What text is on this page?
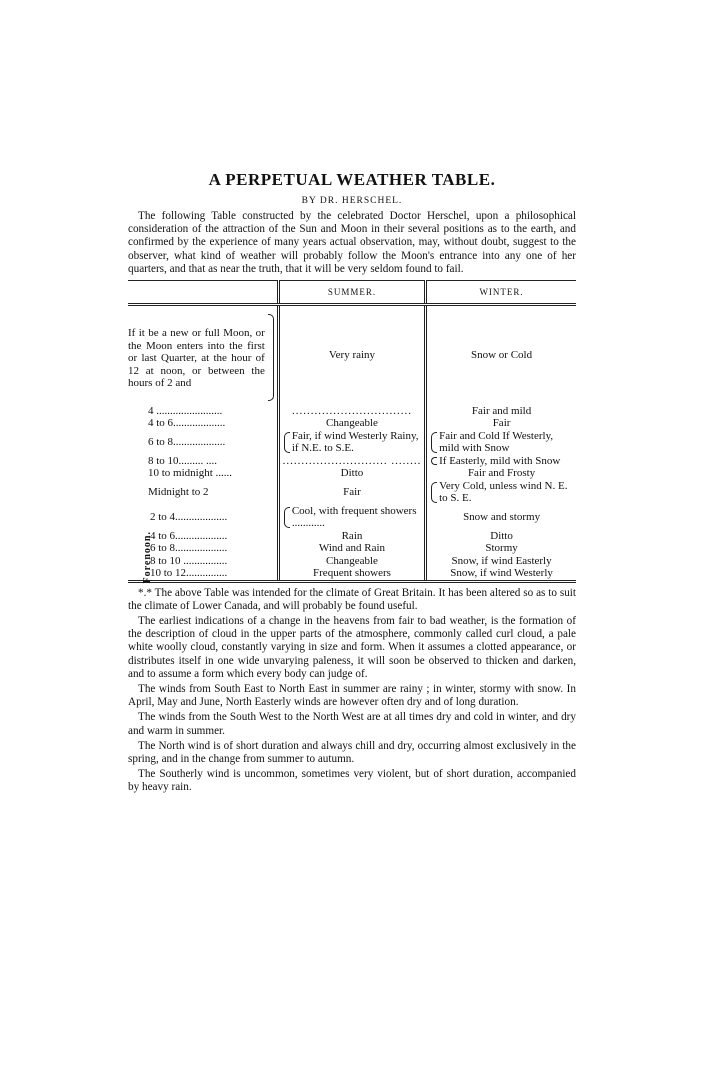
A PERPETUAL WEATHER TABLE.
BY DR. HERSCHEL.

The following Table constructed by the celebrated Doctor Herschel, upon a philosophical consideration of the attraction of the Sun and Moon in their several positions as to the earth, and confirmed by the experience of many years actual observation, may, without doubt, suggest to the observer, what kind of weather will probably follow the Moon's entrance into any one of her quarters, and that as near the truth, that it will be very seldom found to fail.

	SUMMER.	WINTER.
If it be a new or full Moon, or the Moon enters into the first or last Quarter, at the hour of 12 at noon, or between the hours of 2 and	Very rainy	Snow or Cold
4 ........................	................................	Fair and mild
4 to 6...................	Changeable	Fair
6 to 8...................	Fair, if wind Westerly Rainy, if N.E. to S.E.	Fair and Cold If Westerly, mild with Snow
8 to 10......... ....	............................ ........	If Easterly, mild with Snow
10 to midnight ......	Ditto	Fair and Frosty
Midnight to 2	Fair	Very Cold, unless wind N. E. to S. E.

Forenoon.
2 to 4...................	Cool, with frequent showers ............	Snow and stormy
4 to 6...................	Rain	Ditto
6 to 8...................	Wind and Rain	Stormy
8 to 10 ................	Changeable	Snow, if wind Easterly
10 to 12...............	Frequent showers	Snow, if wind Westerly

*.* The above Table was intended for the climate of Great Britain. It has been altered so as to suit the climate of Lower Canada, and will probably be found useful.

The earliest indications of a change in the heavens from fair to bad weather, is the formation of the description of cloud in the upper parts of the atmosphere, commonly called curl cloud, a pale white woolly cloud, constantly varying in size and form. When it assumes a clotted appearance, or distributes itself in one wide unvarying paleness, it will soon be observed to thicken and darken, and to assume a form which every body can judge of.

The winds from South East to North East in summer are rainy ; in winter, stormy with snow. In April, May and June, North Easterly winds are however often dry and of long duration.

The winds from the South West to the North West are at all times dry and cold in winter, and dry and warm in summer.

The North wind is of short duration and always chill and dry, occurring almost exclusively in the spring, and in the change from summer to autumn.

The Southerly wind is uncommon, sometimes very violent, but of short duration, accompanied by heavy rain.
